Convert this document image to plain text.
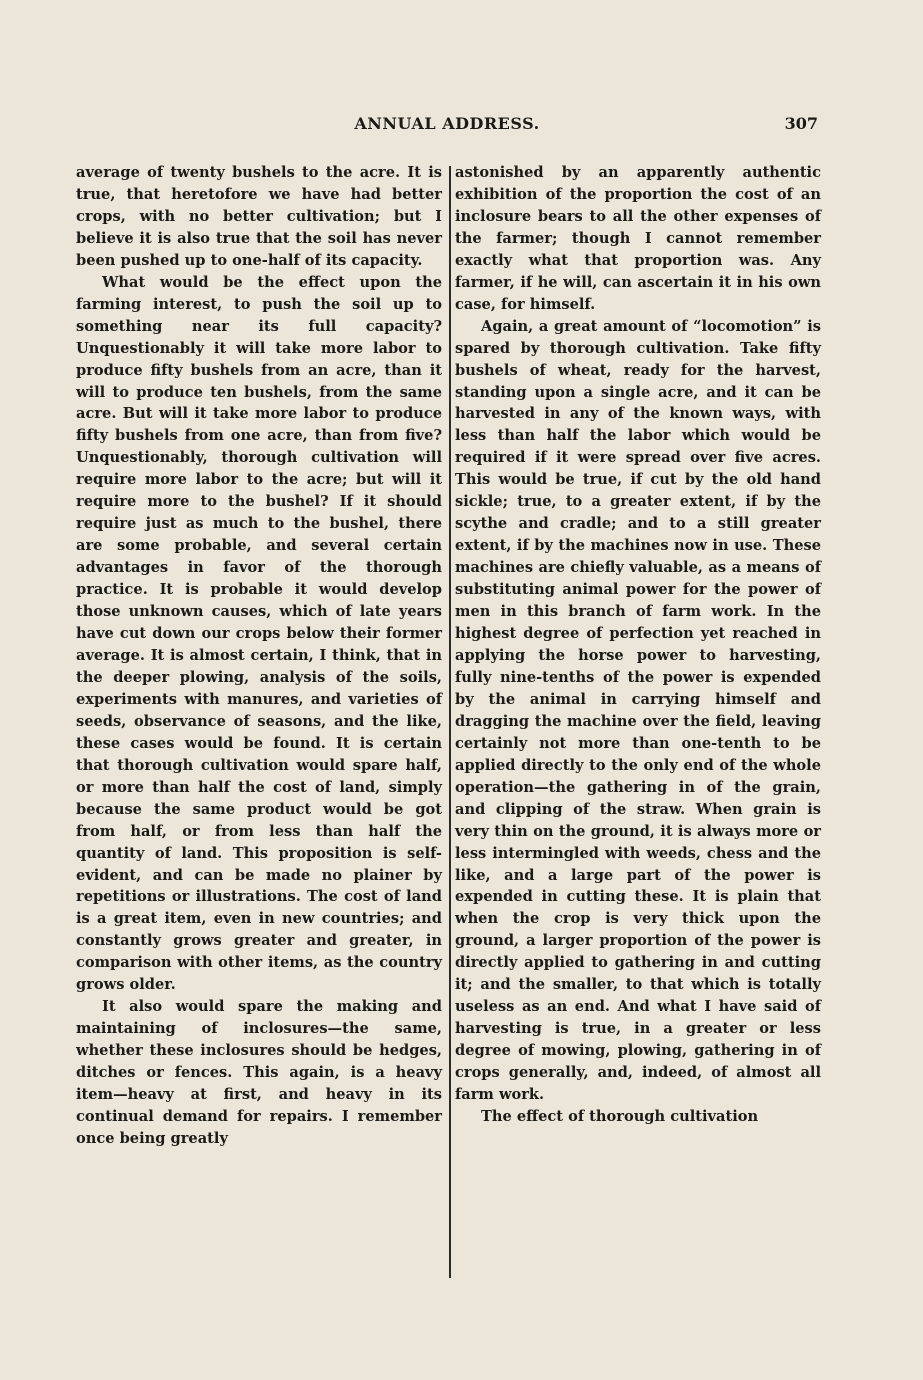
ANNUAL ADDRESS.	307

average of twenty bushels to the acre. It is true, that heretofore we have had better crops, with no better cultivation; but I believe it is also true that the soil has never been pushed up to one-half of its capacity.

What would be the effect upon the farming interest, to push the soil up to something near its full capacity? Unquestionably it will take more labor to produce fifty bushels from an acre, than it will to produce ten bushels, from the same acre. But will it take more labor to produce fifty bushels from one acre, than from five? Unquestionably, thorough cultivation will require more labor to the acre; but will it require more to the bushel? If it should require just as much to the bushel, there are some probable, and several certain advantages in favor of the thorough practice. It is probable it would develop those unknown causes, which of late years have cut down our crops below their former average. It is almost certain, I think, that in the deeper plowing, analysis of the soils, experiments with manures, and varieties of seeds, observance of seasons, and the like, these cases would be found. It is certain that thorough cultivation would spare half, or more than half the cost of land, simply because the same product would be got from half, or from less than half the quantity of land. This proposition is self-evident, and can be made no plainer by repetitions or illustrations. The cost of land is a great item, even in new countries; and constantly grows greater and greater, in comparison with other items, as the country grows older.

It also would spare the making and maintaining of inclosures—the same, whether these inclosures should be hedges, ditches or fences. This again, is a heavy item—heavy at first, and heavy in its continual demand for repairs. I remember once being greatly

astonished by an apparently authentic exhibition of the proportion the cost of an inclosure bears to all the other expenses of the farmer; though I cannot remember exactly what that proportion was. Any farmer, if he will, can ascertain it in his own case, for himself.

Again, a great amount of “locomotion” is spared by thorough cultivation. Take fifty bushels of wheat, ready for the harvest, standing upon a single acre, and it can be harvested in any of the known ways, with less than half the labor which would be required if it were spread over five acres. This would be true, if cut by the old hand sickle; true, to a greater extent, if by the scythe and cradle; and to a still greater extent, if by the machines now in use. These machines are chiefly valuable, as a means of substituting animal power for the power of men in this branch of farm work. In the highest degree of perfection yet reached in applying the horse power to harvesting, fully nine-tenths of the power is expended by the animal in carrying himself and dragging the machine over the field, leaving certainly not more than one-tenth to be applied directly to the only end of the whole operation—the gathering in of the grain, and clipping of the straw. When grain is very thin on the ground, it is always more or less intermingled with weeds, chess and the like, and a large part of the power is expended in cutting these. It is plain that when the crop is very thick upon the ground, a larger proportion of the power is directly applied to gathering in and cutting it; and the smaller, to that which is totally useless as an end. And what I have said of harvesting is true, in a greater or less degree of mowing, plowing, gathering in of crops generally, and, indeed, of almost all farm work.

The effect of thorough cultivation
